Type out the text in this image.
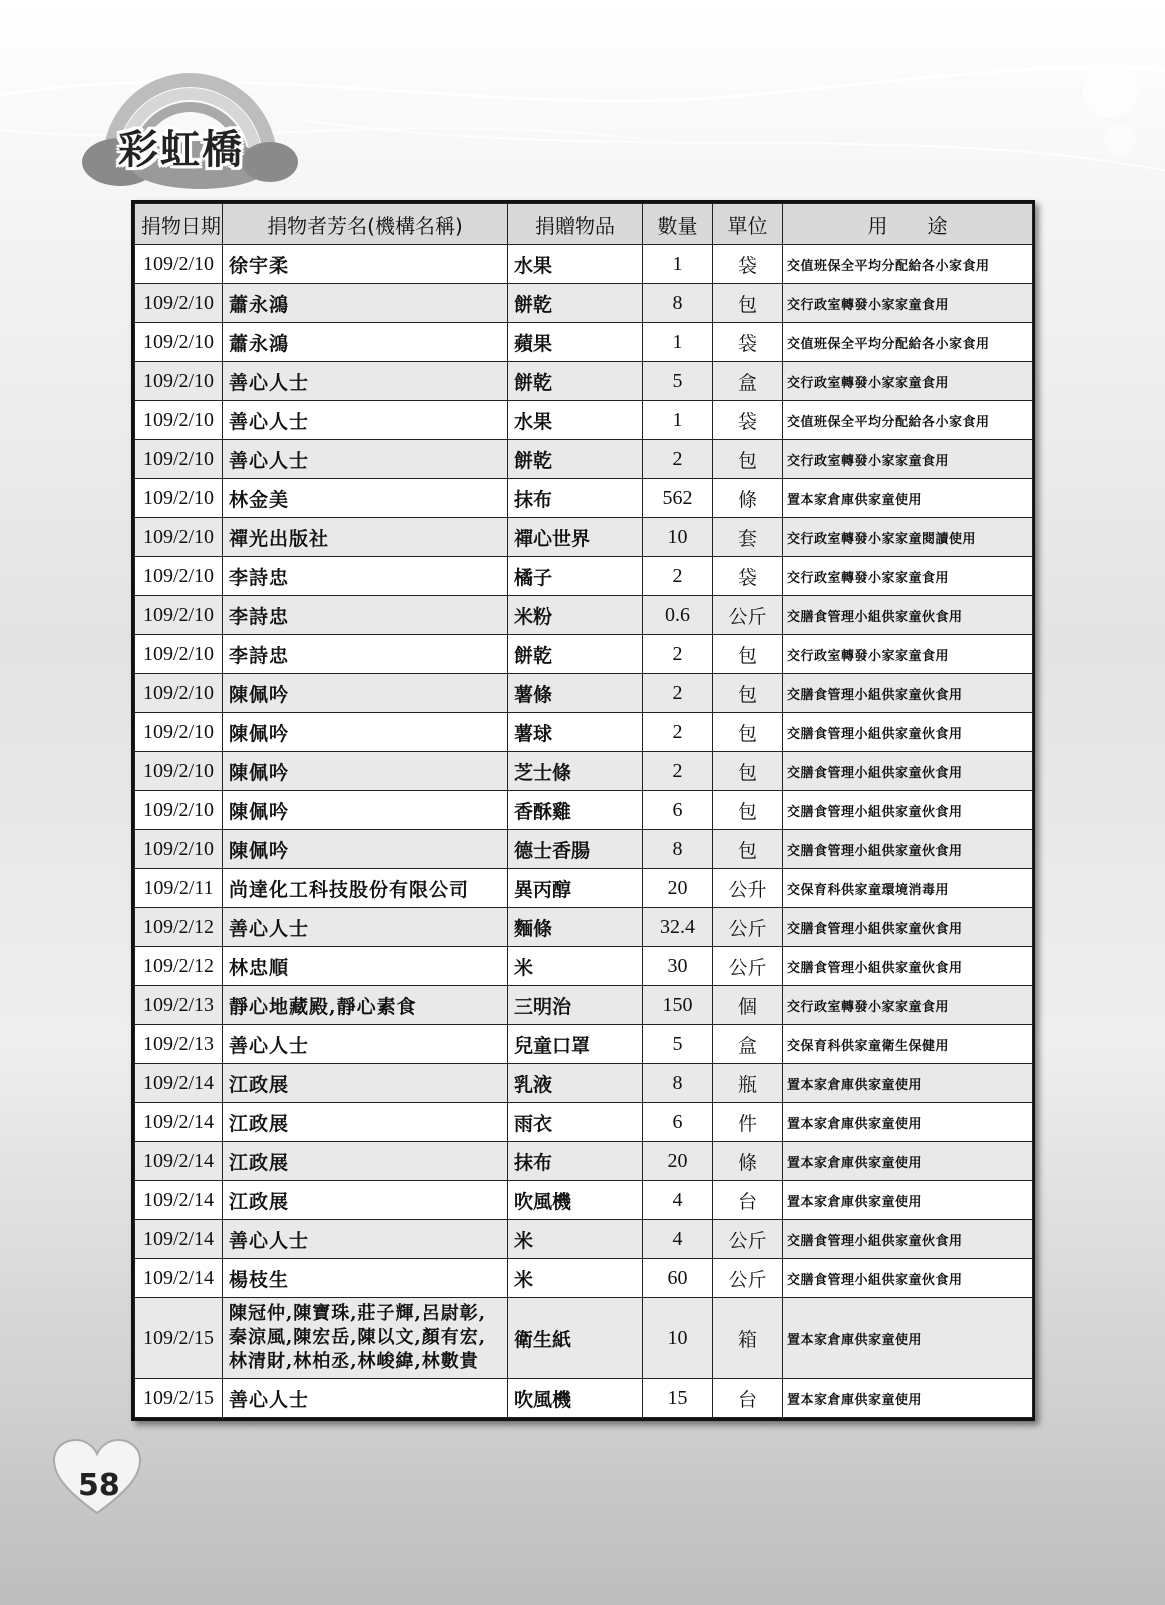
彩虹橋
捐物日期	捐物者芳名(機構名稱)	捐贈物品	數量	單位	用　　途
109/2/10	徐宇柔	水果	1	袋	交值班保全平均分配給各小家食用
109/2/10	蕭永鴻	餅乾	8	包	交行政室轉發小家家童食用
109/2/10	蕭永鴻	蘋果	1	袋	交值班保全平均分配給各小家食用
109/2/10	善心人士	餅乾	5	盒	交行政室轉發小家家童食用
109/2/10	善心人士	水果	1	袋	交值班保全平均分配給各小家食用
109/2/10	善心人士	餅乾	2	包	交行政室轉發小家家童食用
109/2/10	林金美	抹布	562	條	置本家倉庫供家童使用
109/2/10	禪光出版社	禪心世界	10	套	交行政室轉發小家家童閱讀使用
109/2/10	李詩忠	橘子	2	袋	交行政室轉發小家家童食用
109/2/10	李詩忠	米粉	0.6	公斤	交膳食管理小組供家童伙食用
109/2/10	李詩忠	餅乾	2	包	交行政室轉發小家家童食用
109/2/10	陳佩吟	薯條	2	包	交膳食管理小組供家童伙食用
109/2/10	陳佩吟	薯球	2	包	交膳食管理小組供家童伙食用
109/2/10	陳佩吟	芝士條	2	包	交膳食管理小組供家童伙食用
109/2/10	陳佩吟	香酥雞	6	包	交膳食管理小組供家童伙食用
109/2/10	陳佩吟	德士香腸	8	包	交膳食管理小組供家童伙食用
109/2/11	尚達化工科技股份有限公司	異丙醇	20	公升	交保育科供家童環境消毒用
109/2/12	善心人士	麵條	32.4	公斤	交膳食管理小組供家童伙食用
109/2/12	林忠順	米	30	公斤	交膳食管理小組供家童伙食用
109/2/13	靜心地藏殿,靜心素食	三明治	150	個	交行政室轉發小家家童食用
109/2/13	善心人士	兒童口罩	5	盒	交保育科供家童衛生保健用
109/2/14	江政展	乳液	8	瓶	置本家倉庫供家童使用
109/2/14	江政展	雨衣	6	件	置本家倉庫供家童使用
109/2/14	江政展	抹布	20	條	置本家倉庫供家童使用
109/2/14	江政展	吹風機	4	台	置本家倉庫供家童使用
109/2/14	善心人士	米	4	公斤	交膳食管理小組供家童伙食用
109/2/14	楊枝生	米	60	公斤	交膳食管理小組供家童伙食用
109/2/15	陳冠仲,陳寶珠,莊子輝,呂尉彰,秦涼風,陳宏岳,陳以文,顏有宏,林清財,林柏丞,林峻緯,林數貴	衛生紙	10	箱	置本家倉庫供家童使用
109/2/15	善心人士	吹風機	15	台	置本家倉庫供家童使用
58
